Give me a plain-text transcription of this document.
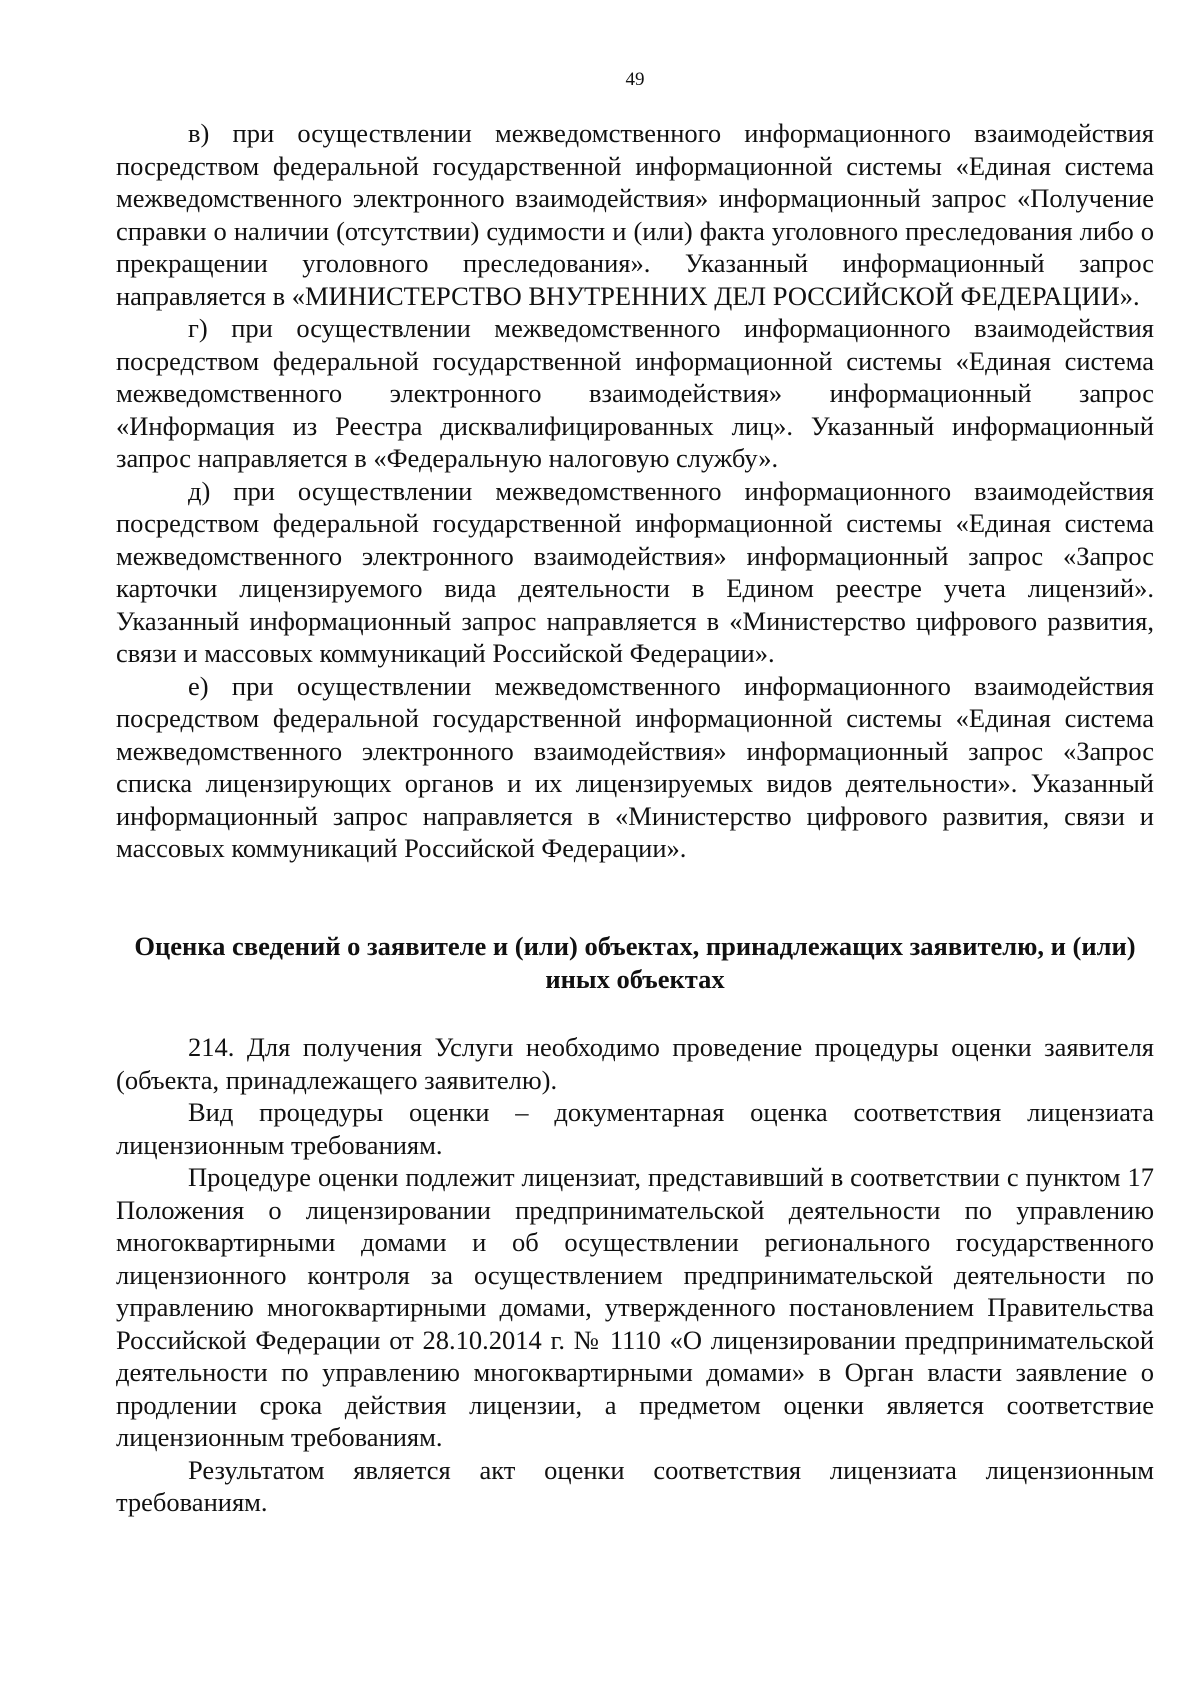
49

в) при осуществлении межведомственного информационного взаимодействия посредством федеральной государственной информационной системы «Единая система межведомственного электронного взаимодействия» информационный запрос «Получение справки о наличии (отсутствии) судимости и (или) факта уголовного преследования либо о прекращении уголовного преследования». Указанный информационный запрос направляется в «МИНИСТЕРСТВО ВНУТРЕННИХ ДЕЛ РОССИЙСКОЙ ФЕДЕРАЦИИ».

г) при осуществлении межведомственного информационного взаимодействия посредством федеральной государственной информационной системы «Единая система межведомственного электронного взаимодействия» информационный запрос «Информация из Реестра дисквалифицированных лиц». Указанный информационный запрос направляется в «Федеральную налоговую службу».

д) при осуществлении межведомственного информационного взаимодействия посредством федеральной государственной информационной системы «Единая система межведомственного электронного взаимодействия» информационный запрос «Запрос карточки лицензируемого вида деятельности в Едином реестре учета лицензий». Указанный информационный запрос направляется в «Министерство цифрового развития, связи и массовых коммуникаций Российской Федерации».

е) при осуществлении межведомственного информационного взаимодействия посредством федеральной государственной информационной системы «Единая система межведомственного электронного взаимодействия» информационный запрос «Запрос списка лицензирующих органов и их лицензируемых видов деятельности». Указанный информационный запрос направляется в «Министерство цифрового развития, связи и массовых коммуникаций Российской Федерации».

Оценка сведений о заявителе и (или) объектах, принадлежащих заявителю, и (или) иных объектах

214. Для получения Услуги необходимо проведение процедуры оценки заявителя (объекта, принадлежащего заявителю).

Вид процедуры оценки – документарная оценка соответствия лицензиата лицензионным требованиям.

Процедуре оценки подлежит лицензиат, представивший в соответствии с пунктом 17 Положения о лицензировании предпринимательской деятельности по управлению многоквартирными домами и об осуществлении регионального государственного лицензионного контроля за осуществлением предпринимательской деятельности по управлению многоквартирными домами, утвержденного постановлением Правительства Российской Федерации от 28.10.2014 г. № 1110 «О лицензировании предпринимательской деятельности по управлению многоквартирными домами» в Орган власти заявление о продлении срока действия лицензии, а предметом оценки является соответствие лицензионным требованиям.

Результатом является акт оценки соответствия лицензиата лицензионным требованиям.
